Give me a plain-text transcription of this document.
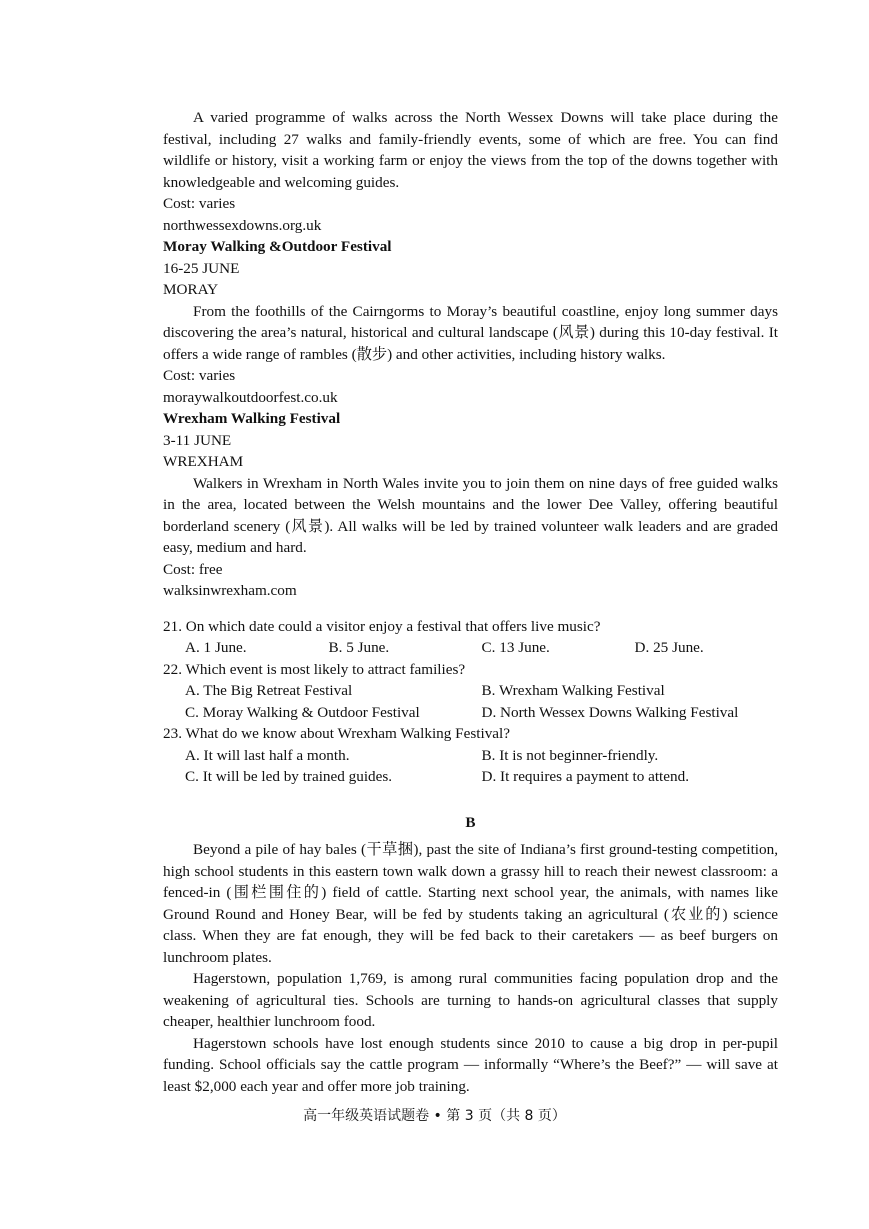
A varied programme of walks across the North Wessex Downs will take place during the festival, including 27 walks and family-friendly events, some of which are free. You can find wildlife or history, visit a working farm or enjoy the views from the top of the downs together with knowledgeable and welcoming guides.

Cost: varies

northwessexdowns.org.uk

Moray Walking &Outdoor Festival

16-25 JUNE

MORAY

From the foothills of the Cairngorms to Moray’s beautiful coastline, enjoy long summer days discovering the area’s natural, historical and cultural landscape (风景) during this 10-day festival. It offers a wide range of rambles (散步) and other activities, including history walks.

Cost: varies

moraywalkoutdoorfest.co.uk

Wrexham Walking Festival

3-11 JUNE

WREXHAM

Walkers in Wrexham in North Wales invite you to join them on nine days of free guided walks in the area, located between the Welsh mountains and the lower Dee Valley, offering beautiful borderland scenery (风景). All walks will be led by trained volunteer walk leaders and are graded easy, medium and hard.

Cost: free

walksinwrexham.com

21. On which date could a visitor enjoy a festival that offers live music?

A. 1 June.	B. 5 June.	C. 13 June.	D. 25 June.

22. Which event is most likely to attract families?

A. The Big Retreat Festival	B. Wrexham Walking Festival
C. Moray Walking & Outdoor Festival	D. North Wessex Downs Walking Festival

23. What do we know about Wrexham Walking Festival?

A. It will last half a month.	B. It is not beginner-friendly.
C. It will be led by trained guides.	D. It requires a payment to attend.

B

Beyond a pile of hay bales (干草捆), past the site of Indiana’s first ground-testing competition, high school students in this eastern town walk down a grassy hill to reach their newest classroom: a fenced-in (围栏围住的) field of cattle. Starting next school year, the animals, with names like Ground Round and Honey Bear, will be fed by students taking an agricultural (农业的) science class. When they are fat enough, they will be fed back to their caretakers — as beef burgers on lunchroom plates.

Hagerstown, population 1,769, is among rural communities facing population drop and the weakening of agricultural ties. Schools are turning to hands-on agricultural classes that supply cheaper, healthier lunchroom food.

Hagerstown schools have lost enough students since 2010 to cause a big drop in per-pupil funding. School officials say the cattle program — informally “Where’s the Beef?” — will save at least $2,000 each year and offer more job training.

高一年级英语试题卷 • 第 3 页（共 8 页）
